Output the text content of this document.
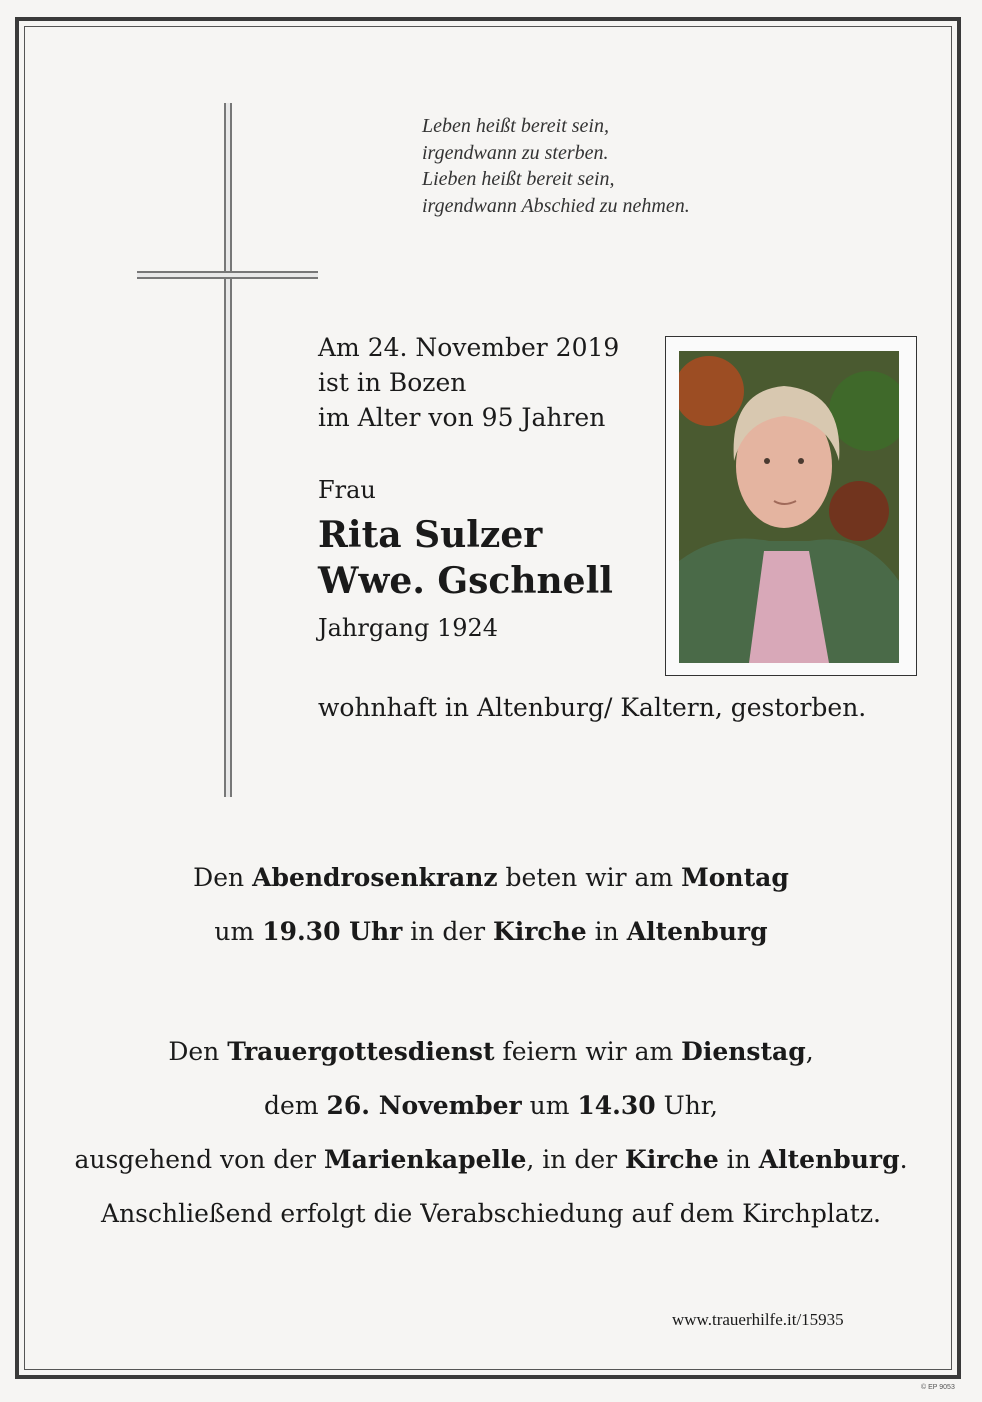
Leben heißt bereit sein,
irgendwann zu sterben.
Lieben heißt bereit sein,
irgendwann Abschied zu nehmen.
Am 24. November 2019
ist in Bozen
im Alter von 95 Jahren
Frau
Rita Sulzer
Wwe. Gschnell
Jahrgang 1924
wohnhaft in Altenburg/ Kaltern, gestorben.
Den Abendrosenkranz beten wir am Montag
um 19.30 Uhr in der Kirche in Altenburg
Den Trauergottesdienst feiern wir am Dienstag,
dem 26. November um 14.30 Uhr,
ausgehend von der Marienkapelle, in der Kirche in Altenburg.
Anschließend erfolgt die Verabschiedung auf dem Kirchplatz.
www.trauerhilfe.it/15935
© EP 9053
